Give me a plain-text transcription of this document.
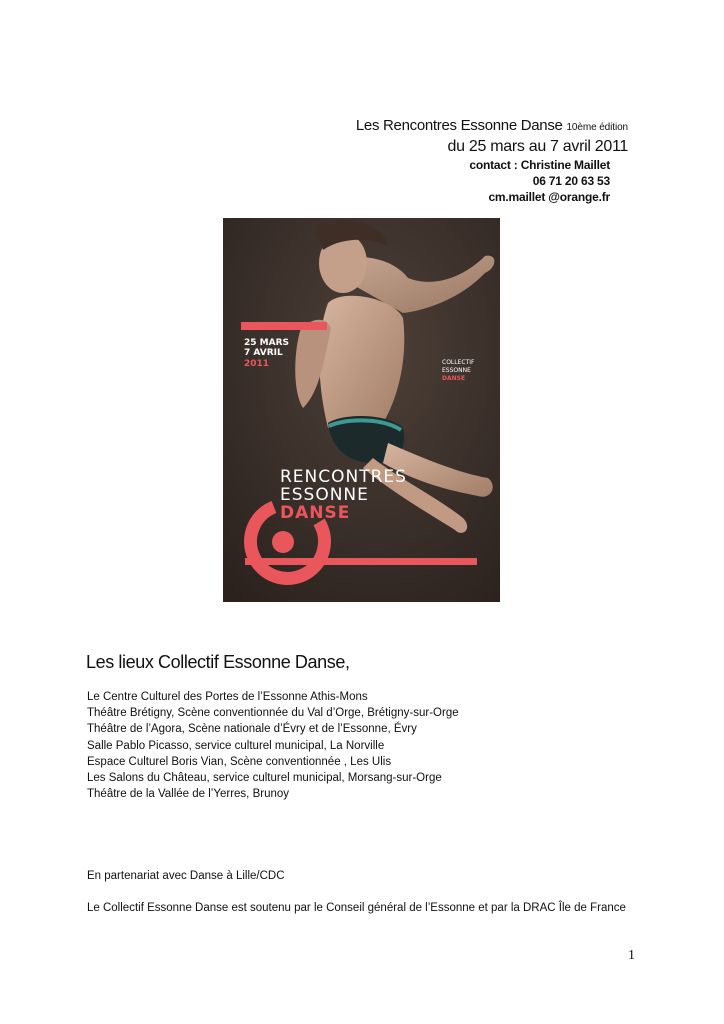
Les Rencontres Essonne Danse 10ème édition
du 25 mars au 7 avril 2011
contact : Christine Maillet
06 71 20 63 53
cm.maillet @orange.fr
25 MARS
7 AVRIL
2011	COLLECTIF
ESSONNE
DANSE
RENCONTRES
ESSONNE
DANSE
Les lieux Collectif Essonne Danse,
Le Centre Culturel des Portes de l’Essonne Athis-Mons
Théâtre Brétigny, Scène conventionnée du Val d’Orge, Brétigny-sur-Orge
Théâtre de l’Agora, Scène nationale d’Évry et de l’Essonne, Évry
Salle Pablo Picasso, service culturel municipal, La Norville
Espace Culturel Boris Vian, Scène conventionnée , Les Ulis
Les Salons du Château, service culturel municipal, Morsang-sur-Orge
Théâtre de la Vallée de l’Yerres, Brunoy

En partenariat avec Danse à Lille/CDC

Le Collectif Essonne Danse est soutenu par le Conseil général de l’Essonne et par la DRAC Île de France

1
